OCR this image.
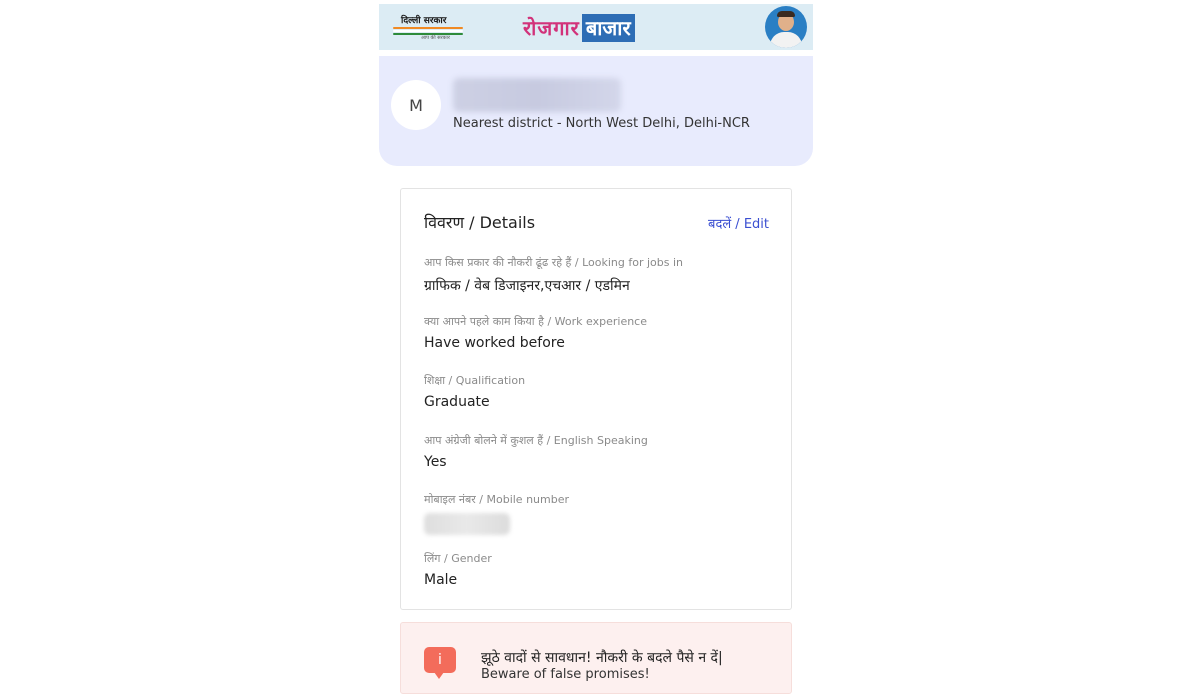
दिल्ली सरकार
आप की सरकार	रोजगार बाजार
M
Nearest district - North West Delhi, Delhi-NCR
विवरण / Details	बदलें / Edit
आप किस प्रकार की नौकरी ढूंढ रहे हैं / Looking for jobs in
ग्राफिक / वेब डिजाइनर,एचआर / एडमिन
क्या आपने पहले काम किया है / Work experience
Have worked before
शिक्षा / Qualification
Graduate
आप अंग्रेजी बोलने में कुशल हैं / English Speaking
Yes
मोबाइल नंबर / Mobile number
लिंग / Gender
Male
i	झूठे वादों से सावधान! नौकरी के बदले पैसे न दें|
Beware of false promises!
